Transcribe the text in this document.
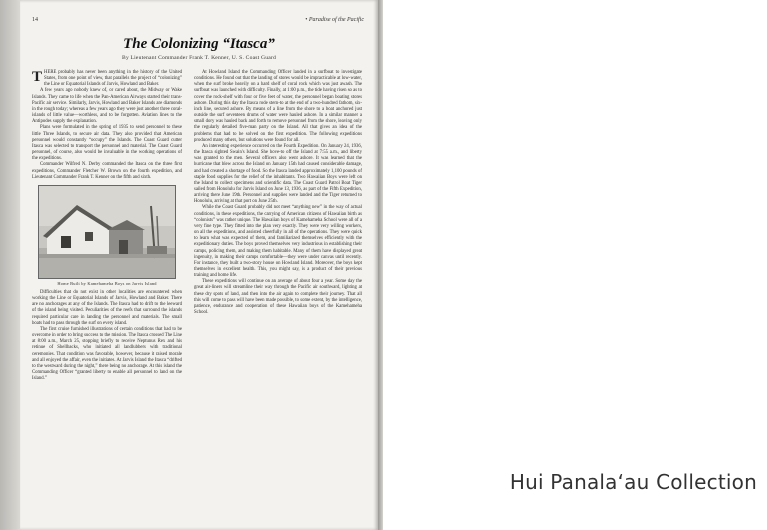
14	• Paradise of the Pacific
The Colonizing “Itasca”
By Lieutenant Commander Frank T. Kenner, U. S. Coast Guard

THERE probably has never been anything in the history of the United States, from one point of view, that parallels the project of “colonizing” the Line or Equatorial Islands of Jarvis, Howland and Baker.

A few years ago nobody knew of, or cared about, the Midway or Wake Islands. They came to life when the Pan-American Airways started their trans-Pacific air service. Similarly, Jarvis, Howland and Baker Islands are diamonds in the rough today; whereas a few years ago they were just another three coral-islands of little value—worthless, and to be forgotten. Aviation lines to the Antipodes supply the explanation.

Plans were formulated in the spring of 1935 to send personnel to these little Three Islands, to secure air data. They also provided that American personnel would constantly “occupy” the Islands. The Coast Guard cutter Itasca was selected to transport the personnel and material. The Coast Guard personnel, of course, also would be invaluable in the working operations of the expeditions.

Commander Wilfred N. Derby commanded the Itasca on the three first expeditions, Commander Fletcher W. Brown on the fourth expedition, and Lieutenant Commander Frank T. Kenner on the fifth and sixth.

Home Built by Kamehameha Boys on Jarvis Island

Difficulties that do not exist in other localities are encountered when working the Line or Equatorial Islands of Jarvis, Howland and Baker. There are no anchorages at any of the Islands. The Itasca had to drift to the leeward of the island being visited. Peculiarities of the reefs that surround the islands required particular care in landing the personnel and materials. The small boats had to pass through the surf on every island.

The first cruise furnished illustrations of certain conditions that had to be overcome in order to bring success to the mission. The Itasca crossed The Line at 8:00 a.m., March 25, stopping briefly to receive Neptunus Rex and his retinue of Shellbacks, who initiated all landlubbers with traditional ceremonies. That condition was favorable, however, because it raised morale and all enjoyed the affair, even the initiates. At Jarvis Island the Itasca “drifted to the westward during the night,” there being no anchorage. At this island the Commanding Officer “granted liberty to enable all personnel to land on the Island.”

At Howland Island the Commanding Officer landed in a surfboat to investigate conditions. He found out that the landing of stores would be impracticable at low-water, when the surf broke heavily on a hard shelf of coral rock which was just awash. The surfboat was launched with difficulty. Finally, at 1:00 p.m., the tide having risen so as to cover the rock-shelf with four or five feet of water, the personnel began boating stores ashore. During this day the Itasca rode stern-to at the end of a two-hundred fathom, six-inch line, secured ashore. By means of a line from the shore to a boat anchored just outside the surf seventeen drums of water were hauled ashore. In a similar manner a small dory was hauled back and forth to remove personnel from the shore, leaving only the regularly detailed five-man party on the Island. All that gives an idea of the problems that had to be solved on the first expedition. The following expeditions produced many others, but solutions were found for all.

An interesting experience occurred on the Fourth Expedition. On January 24, 1936, the Itasca sighted Swain's Island. She hove-to off the Island at 7:55 a.m., and liberty was granted to the men. Several officers also went ashore. It was learned that the hurricane that blew across the Island on January 15th had caused considerable damage, and had created a shortage of food. So the Itasca landed approximately 1,100 pounds of staple food supplies for the relief of the inhabitants. Two Hawaiian Boys were left on the Island to collect specimens and scientific data. The Coast Guard Patrol Boat Tiger sailed from Honolulu for Jarvis Island on June 13, 1936, as part of the Fifth Expedition, arriving there June 19th. Personnel and supplies were landed and the Tiger returned to Honolulu, arriving at that port on June 25th.

While the Coast Guard probably did not meet “anything new” in the way of actual conditions, in these expeditions, the carrying of American citizens of Hawaiian birth as “colonists” was rather unique. The Hawaiian boys of Kamehameha School were all of a very fine type. They fitted into the plan very exactly. They were very willing workers, on all the expeditions, and assisted cheerfully in all of the operations. They were quick to learn what was expected of them, and familiarized themselves efficiently with the expeditionary duties. The boys proved themselves very industrious in establishing their camps, policing them, and making them habitable. Many of them have displayed great ingenuity, in making their camps comfortable—they were under canvas until recently. For instance, they built a two-story house on Howland Island. Moreover, the boys kept themselves in excellent health. This, you might say, is a product of their previous training and home life.

These expeditions will continue on an average of about four a year. Some day the great air-liners will streamline their way through the Pacific air southward, lighting at these dry spots of land, and then into the air again to complete their journey. That all this will come to pass will have been made possible, to some extent, by the intelligence, patience, endurance and cooperation of these Hawaiian boys of the Kamehameha School.

Hui Panala‘au Collection
